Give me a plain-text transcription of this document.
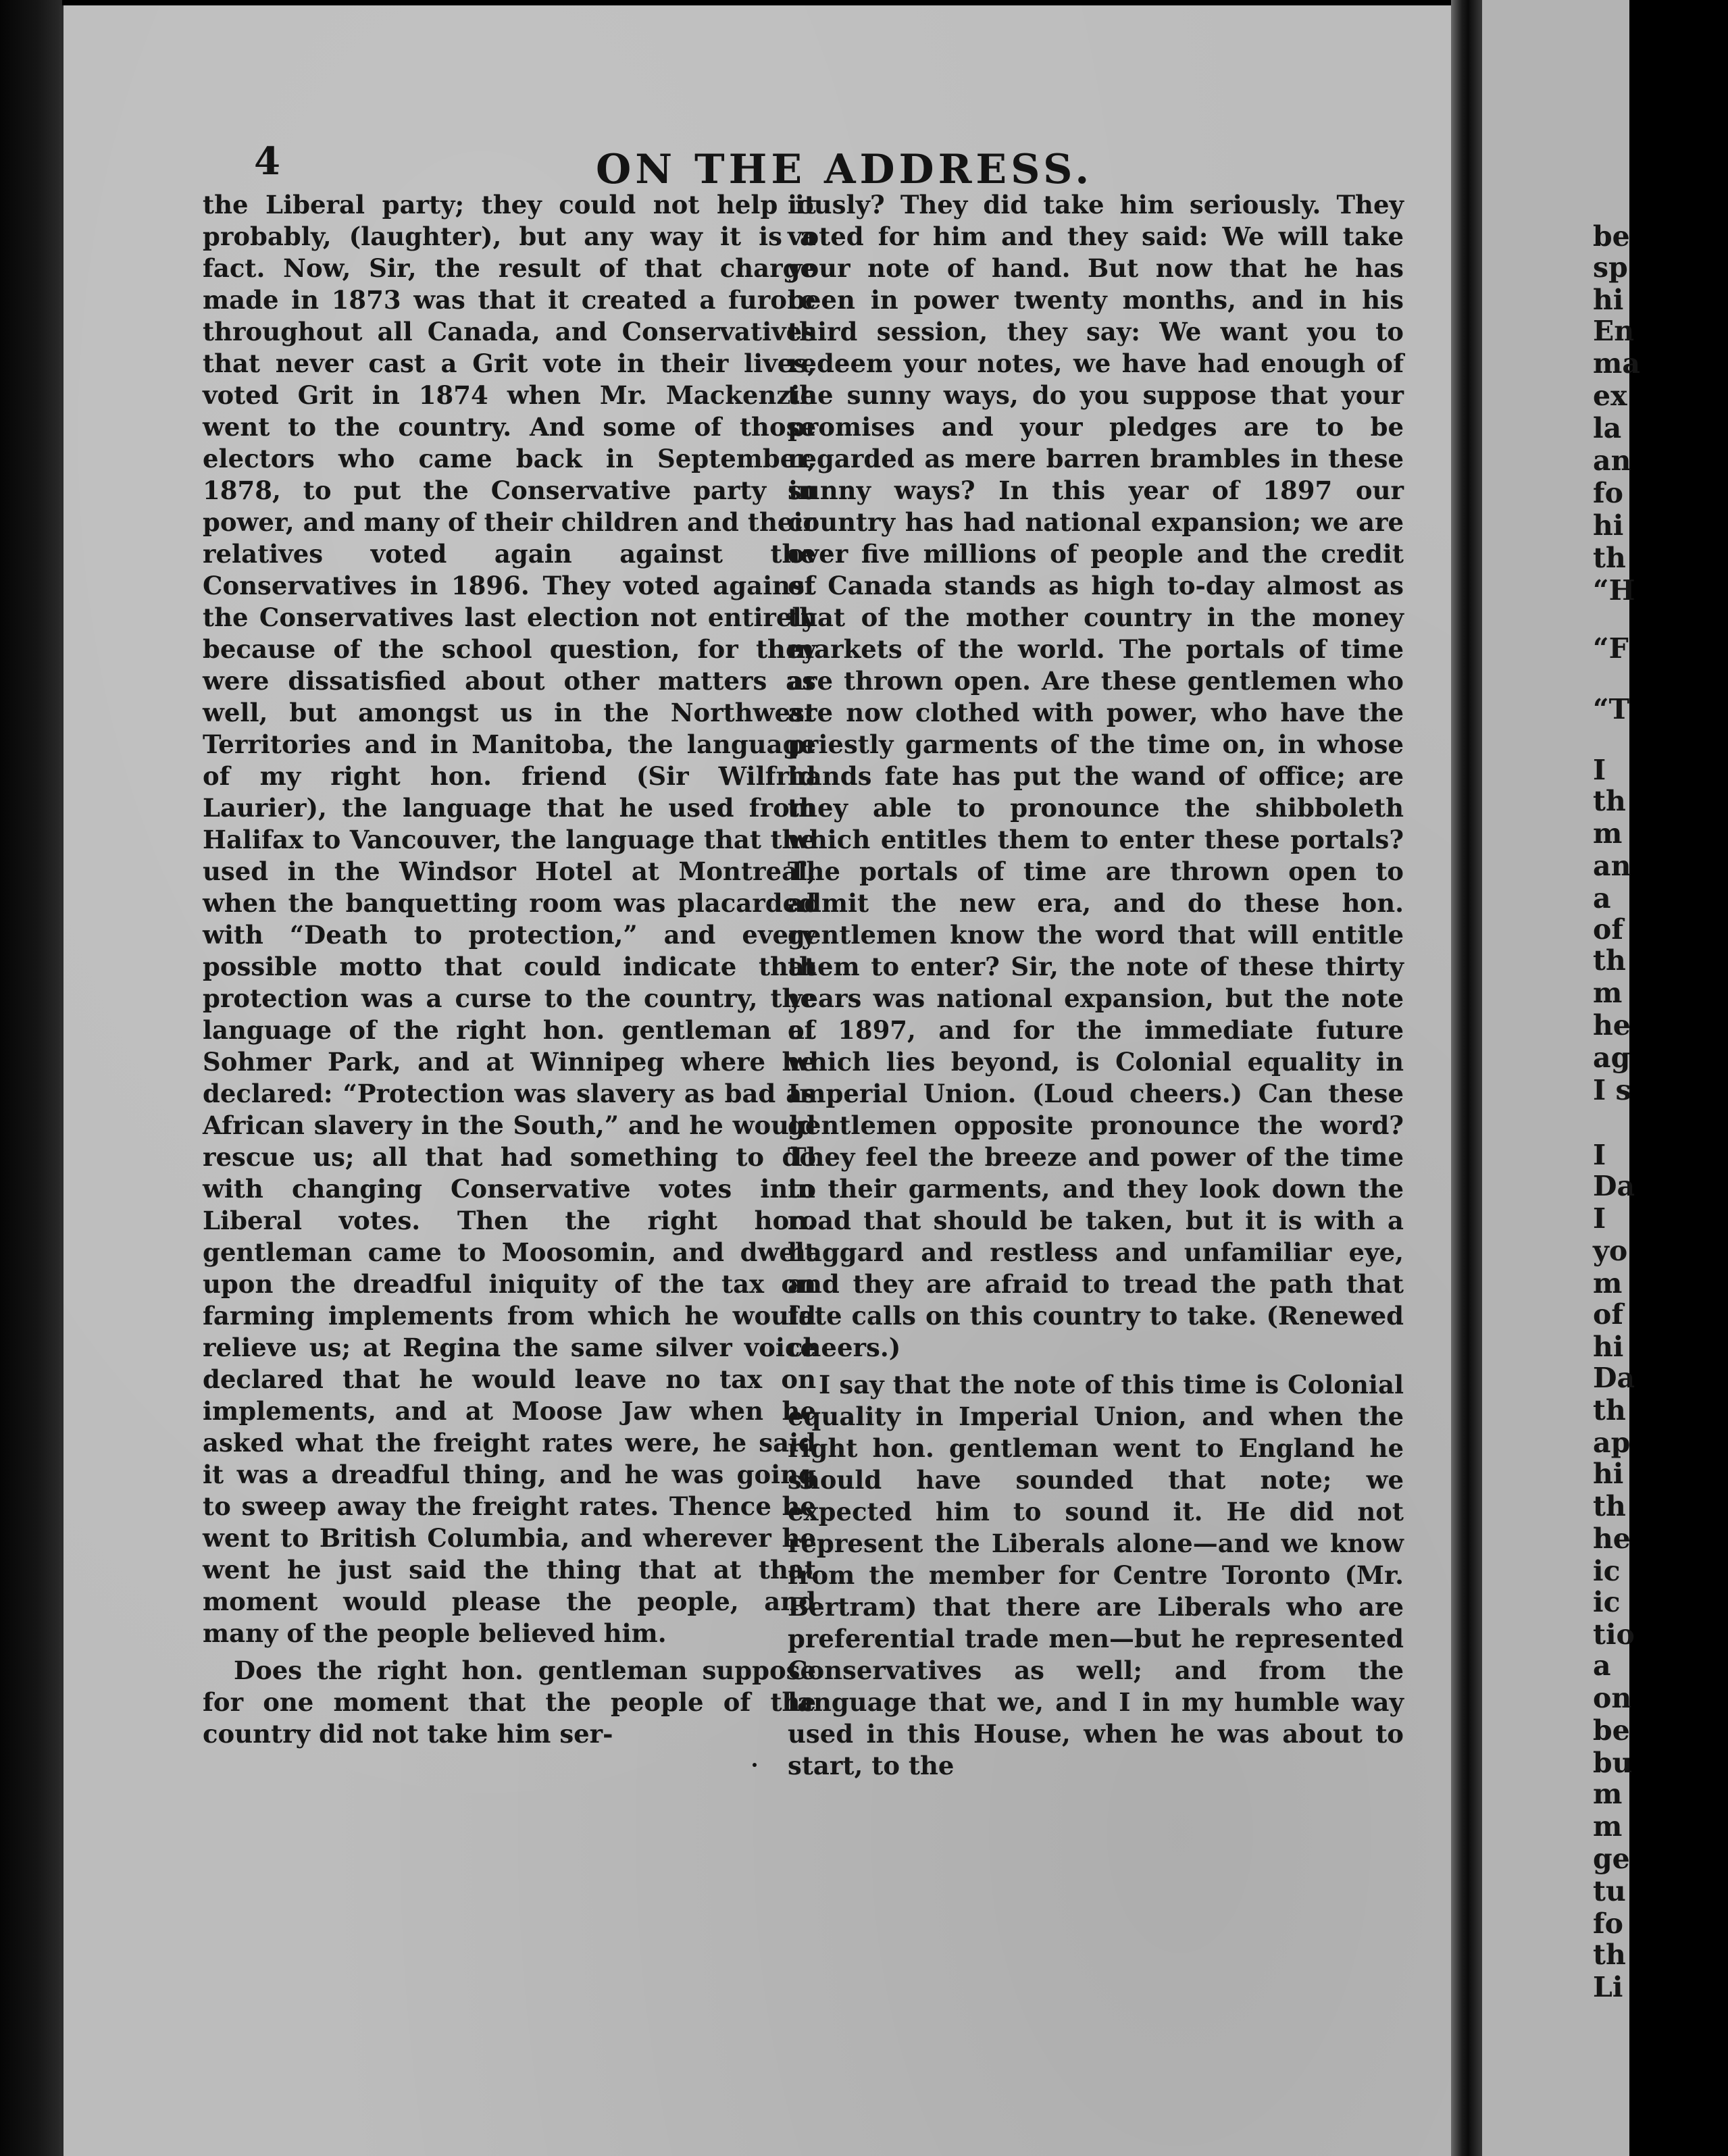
4	ON THE ADDRESS.

the Liberal party; they could not help it probably, (laughter), but any way it is a fact. Now, Sir, the result of that charge made in 1873 was that it created a furore throughout all Canada, and Conservatives that never cast a Grit vote in their lives, voted Grit in 1874 when Mr. Mackenzie went to the country. And some of those electors who came back in September, 1878, to put the Conservative party in power, and many of their children and their relatives voted again against the Conservatives in 1896. They voted against the Conservatives last election not entirely because of the school question, for they were dissatisfied about other matters as well, but amongst us in the Northwest Territories and in Manitoba, the language of my right hon. friend (Sir Wilfrid Laurier), the language that he used from Halifax to Vancouver, the language that the used in the Windsor Hotel at Montreal, when the banquetting room was placarded with “Death to protection,” and every possible motto that could indicate that protection was a curse to the country, the language of the right hon. gentleman at Sohmer Park, and at Winnipeg where he declared: “Protection was slavery as bad as African slavery in the South,” and he would rescue us; all that had something to do with changing Conservative votes into Liberal votes. Then the right hon. gentleman came to Moosomin, and dwelt upon the dreadful iniquity of the tax on farming implements from which he would relieve us; at Regina the same silver voice declared that he would leave no tax on implements, and at Moose Jaw when he asked what the freight rates were, he said it was a dreadful thing, and he was going to sweep away the freight rates. Thence he went to British Columbia, and wherever he went he just said the thing that at that moment would please the people, and many of the people believed him.

Does the right hon. gentleman suppose for one moment that the people of the country did not take him ser-

iously? They did take him seriously. They voted for him and they said: We will take your note of hand. But now that he has been in power twenty months, and in his third session, they say: We want you to redeem your notes, we have had enough of the sunny ways, do you suppose that your promises and your pledges are to be regarded as mere barren brambles in these sunny ways? In this year of 1897 our country has had national expansion; we are over five millions of people and the credit of Canada stands as high to-day almost as that of the mother country in the money markets of the world. The portals of time are thrown open. Are these gentlemen who are now clothed with power, who have the priestly garments of the time on, in whose hands fate has put the wand of office; are they able to pronounce the shibboleth which entitles them to enter these portals? The portals of time are thrown open to admit the new era, and do these hon. gentlemen know the word that will entitle them to enter? Sir, the note of these thirty years was national expansion, but the note of 1897, and for the immediate future which lies beyond, is Colonial equality in Imperial Union. (Loud cheers.) Can these gentlemen opposite pronounce the word? They feel the breeze and power of the time in their garments, and they look down the road that should be taken, but it is with a haggard and restless and unfamiliar eye, and they are afraid to tread the path that fate calls on this country to take. (Renewed cheers.)

I say that the note of this time is Colonial equality in Imperial Union, and when the right hon. gentleman went to England he should have sounded that note; we expected him to sound it. He did not represent the Liberals alone—and we know from the member for Centre Toronto (Mr. Bertram) that there are Liberals who are preferential trade men—but he represented Conservatives as well; and from the language that we, and I in my humble way used in this House, when he was about to start, to the

be
sp
hi
En
ma
ex
la
an
fo
hi
th
“H
“F
“T
I
th
m
an
a
of
th
m
he
ag
I s
I
Da
I
yo
m
of
hi
Da
th
ap
hi
th
he
ic
ic
tio
a
on
be
bu
m
m
ge
tu
fo
th
Li
